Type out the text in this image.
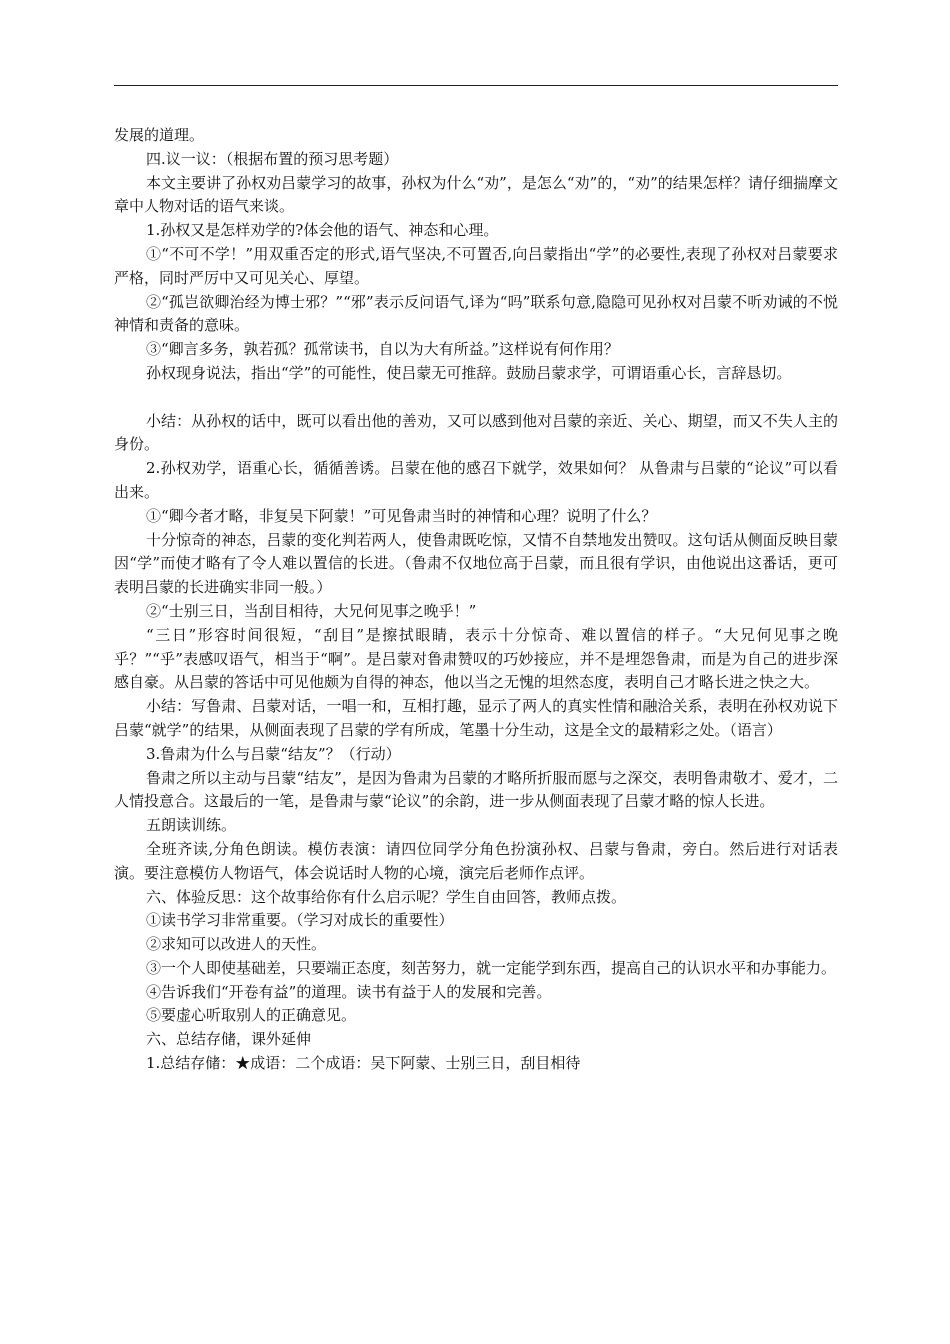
发展的道理。

四.议一议：（根据布置的预习思考题）

本文主要讲了孙权劝吕蒙学习的故事，孙权为什么“劝”，是怎么“劝”的，“劝”的结果怎样？请仔细揣摩文章中人物对话的语气来谈。

1.孙权又是怎样劝学的?体会他的语气、神态和心理。

①“不可不学！”用双重否定的形式,语气坚决,不可置否,向吕蒙指出“学”的必要性,表现了孙权对吕蒙要求严格，同时严厉中又可见关心、厚望。

②“孤岂欲卿治经为博士邪？”“邪”表示反问语气,译为“吗”联系句意,隐隐可见孙权对吕蒙不听劝诫的不悦神情和责备的意味。

③“卿言多务，孰若孤？孤常读书，自以为大有所益。”这样说有何作用？

孙权现身说法，指出“学”的可能性，使吕蒙无可推辞。鼓励吕蒙求学，可谓语重心长，言辞恳切。

小结：从孙权的话中，既可以看出他的善劝，又可以感到他对吕蒙的亲近、关心、期望，而又不失人主的身份。

2.孙权劝学，语重心长，循循善诱。吕蒙在他的感召下就学，效果如何？ 从鲁肃与吕蒙的“论议”可以看出来。

①“卿今者才略，非复吴下阿蒙！”可见鲁肃当时的神情和心理？说明了什么？

十分惊奇的神态，吕蒙的变化判若两人，使鲁肃既吃惊，又情不自禁地发出赞叹。这句话从侧面反映目蒙因“学”而使才略有了令人难以置信的长进。（鲁肃不仅地位高于吕蒙，而且很有学识，由他说出这番话，更可表明吕蒙的长进确实非同一般。）

②“士别三日，当刮目相待，大兄何见事之晚乎！”

“三日”形容时间很短，“刮目”是擦拭眼睛，表示十分惊奇、难以置信的样子。“大兄何见事之晚乎？”“乎”表感叹语气，相当于“啊”。是吕蒙对鲁肃赞叹的巧妙接应，并不是埋怨鲁肃，而是为自己的进步深感自豪。从吕蒙的答话中可见他颇为自得的神态，他以当之无愧的坦然态度，表明自己才略长进之快之大。

小结：写鲁肃、吕蒙对话，一唱一和，互相打趣，显示了两人的真实性情和融洽关系，表明在孙权劝说下吕蒙“就学”的结果，从侧面表现了吕蒙的学有所成，笔墨十分生动，这是全文的最精彩之处。（语言）

3.鲁肃为什么与吕蒙“结友”？（行动）

鲁肃之所以主动与吕蒙“结友”，是因为鲁肃为吕蒙的才略所折服而愿与之深交，表明鲁肃敬才、爱才，二人情投意合。这最后的一笔，是鲁肃与蒙“论议”的余韵，进一步从侧面表现了吕蒙才略的惊人长进。

五朗读训练。

全班齐读,分角色朗读。模仿表演：请四位同学分角色扮演孙权、吕蒙与鲁肃，旁白。然后进行对话表演。要注意模仿人物语气，体会说话时人物的心境，演完后老师作点评。

六、体验反思：这个故事给你有什么启示呢？学生自由回答，教师点拨。

①读书学习非常重要。（学习对成长的重要性）

②求知可以改进人的天性。

③一个人即使基础差，只要端正态度，刻苦努力，就一定能学到东西，提高自己的认识水平和办事能力。

④告诉我们“开卷有益”的道理。读书有益于人的发展和完善。

⑤要虚心听取别人的正确意见。

六、总结存储，课外延伸

1.总结存储：★成语：二个成语：吴下阿蒙、士别三日，刮目相待
